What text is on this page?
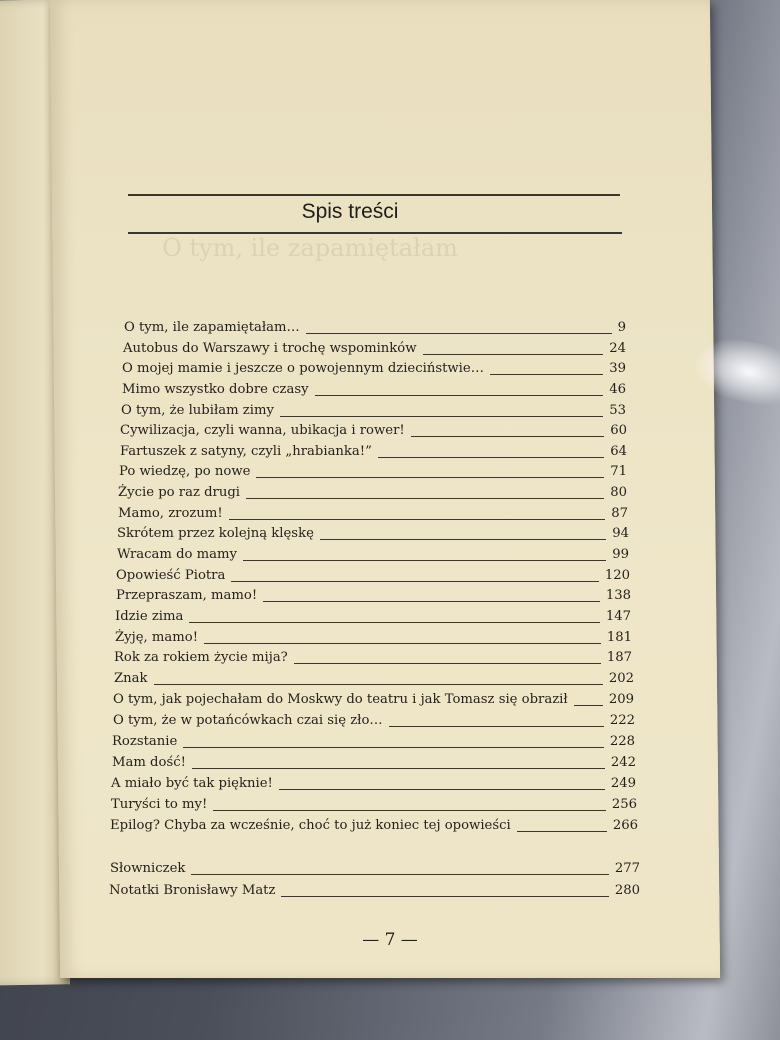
Spis treści
O tym, ile zapamiętałam
O tym, ile zapamiętałam…	9
Autobus do Warszawy i trochę wspominków	24
O mojej mamie i jeszcze o powojennym dzieciństwie…	39
Mimo wszystko dobre czasy	46
O tym, że lubiłam zimy	53
Cywilizacja, czyli wanna, ubikacja i rower!	60
Fartuszek z satyny, czyli „hrabianka!”	64
Po wiedzę, po nowe	71
Życie po raz drugi	80
Mamo, zrozum!	87
Skrótem przez kolejną klęskę	94
Wracam do mamy	99
Opowieść Piotra	120
Przepraszam, mamo!	138
Idzie zima	147
Żyję, mamo!	181
Rok za rokiem życie mija?	187
Znak	202
O tym, jak pojechałam do Moskwy do teatru i jak Tomasz się obraził	209
O tym, że w potańcówkach czai się zło…	222
Rozstanie	228
Mam dość!	242
A miało być tak pięknie!	249
Turyści to my!	256
Epilog? Chyba za wcześnie, choć to już koniec tej opowieści	266
Słowniczek	277
Notatki Bronisławy Matz	280
— 7 —
